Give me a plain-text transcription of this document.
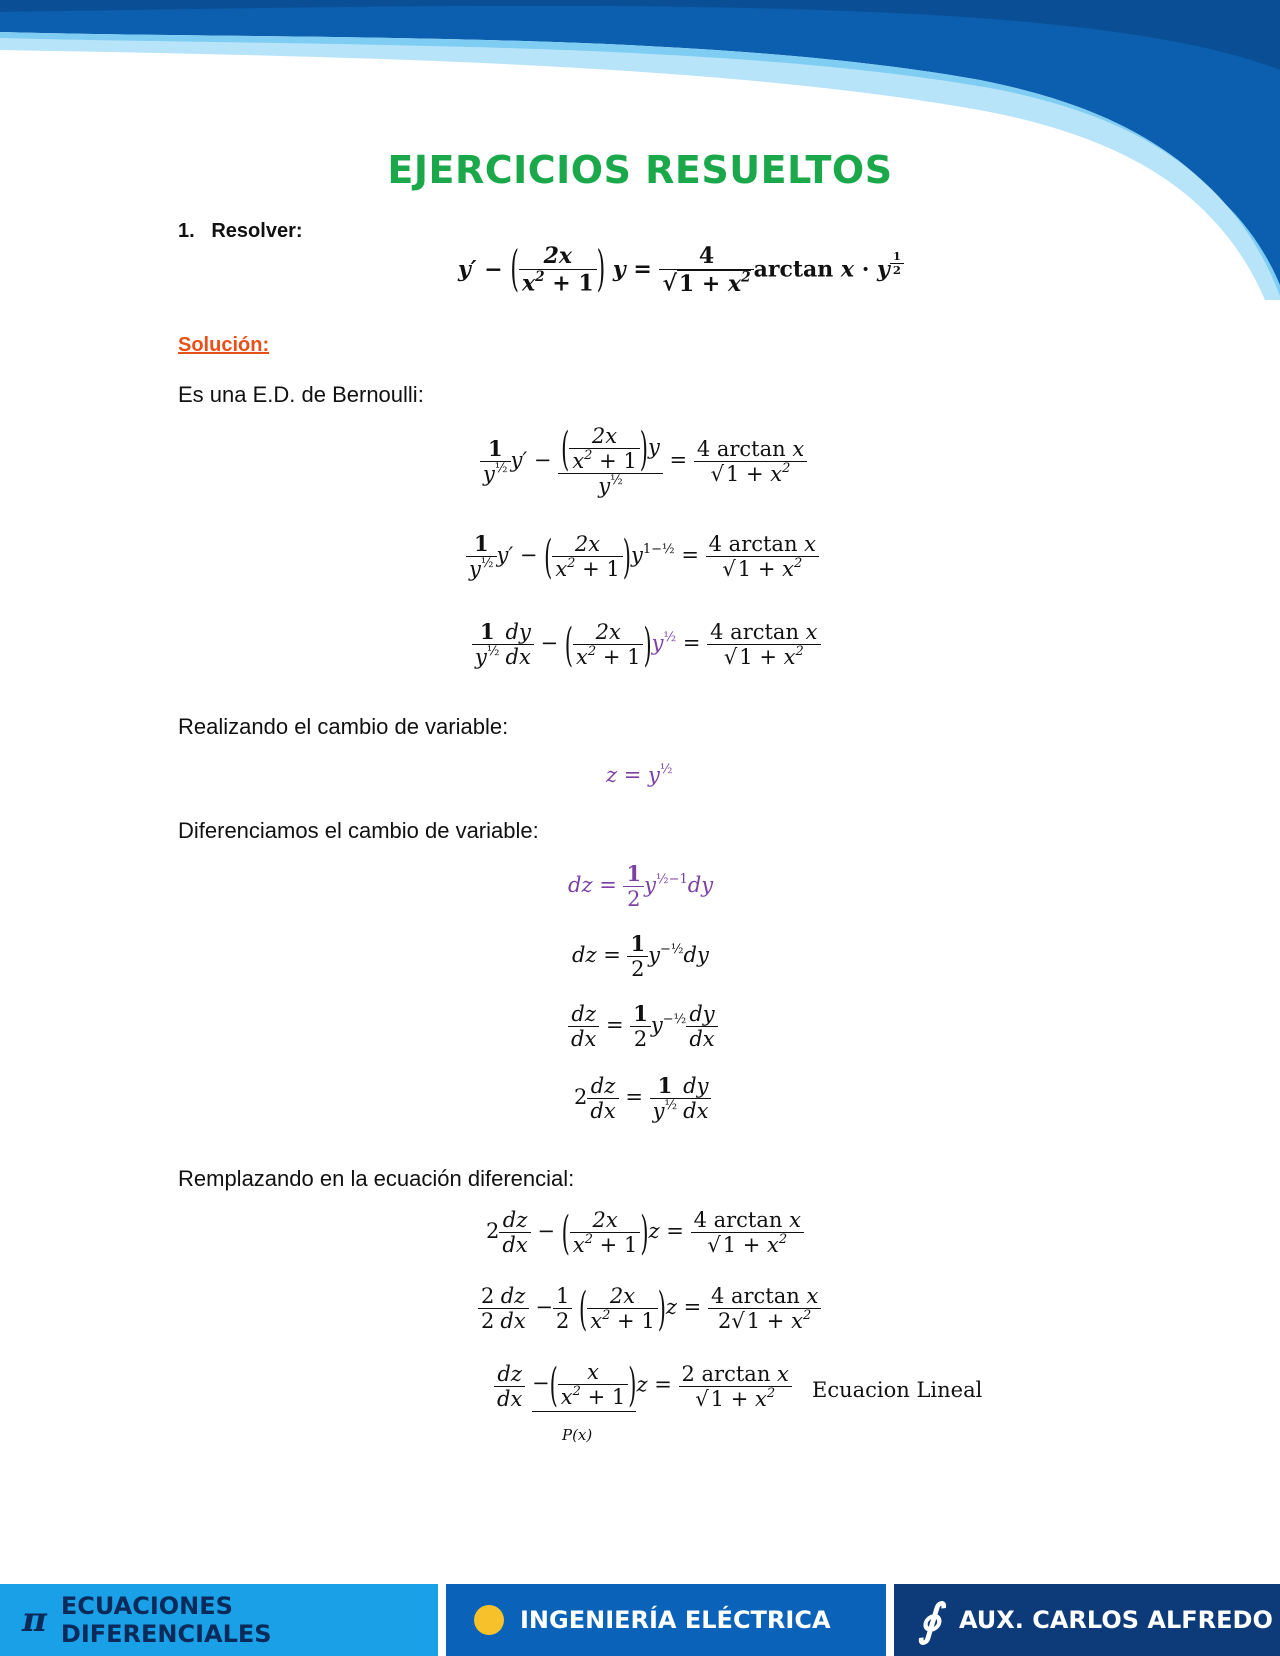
EJERCICIOS RESUELTOS
1. Resolver:
y′ − ( $\frac{2x}{x^2 + 1}$ ) $y = \frac{4}{√1 + x^2}$ arctan x · y $^{\frac{1}{2}}$
Solución:
Es una E.D. de Bernoulli:
$\frac{1}{y^{\frac{1}{2}}} y' - \frac{( \frac{2x}{x^2 + 1} )y}{y^{\frac{1}{2}}} = \frac{\text{4 arctan x}}{√1 + x^2}$
$\frac{1}{y^{\frac{1}{2}}} y'$ − ( $\frac{2x}{x^2 + 1} )y^{1-\frac{1}{2}} = \frac{\text{4 arctan x}}{√1 + x^2}$
$\frac{1}{y^{\frac{1}{2}}} \frac{dy}{dx}$ − ( $\frac{2x}{x^2 + 1} )y^{\frac{1}{2}} = \frac{\text{4 arctan x}}{√1 + x^2}$
Realizando el cambio de variable:
$z = y^{\frac{1}{2}}$
Diferenciamos el cambio de variable:
dz = $\frac{1}{2} y^{\frac{1}{2}-1}dy$
dz = $\frac{1}{2} y^{-\frac{1}{2}}dy$
$\frac{dz}{dx} = \frac{1}{2} y^{-\frac{1}{2}} \frac{dy}{dx}$
$2 \frac{dz}{dx} = \frac{1}{y^{\frac{1}{2}}} \frac{dy}{dx}$
Remplazando en la ecuación diferencial:
$2 \frac{dz}{dx}$ − ( $\frac{2x}{x^2 + 1} )z = \frac{\text{4 arctan x}}{√1 + x^2}$
$\frac{2}{2} \frac{dz}{dx} - \frac{1}{2}$ ( $\frac{2x}{x^2 + 1} )z = \frac{\text{4 arctan x}}{2√1 + x^2}$
$\frac{dz}{dx}$ −( $\frac{x}{x^2 + 1}$ )
P(x)
$z = \frac{\text{2 arctan x}}{√1 + x^2}$ Ecuacion Lineal
π ECUACIONES DIFERENCIALES	INGENIERÍA ELÉCTRICA ∮ AUX. CARLOS ALFREDO
